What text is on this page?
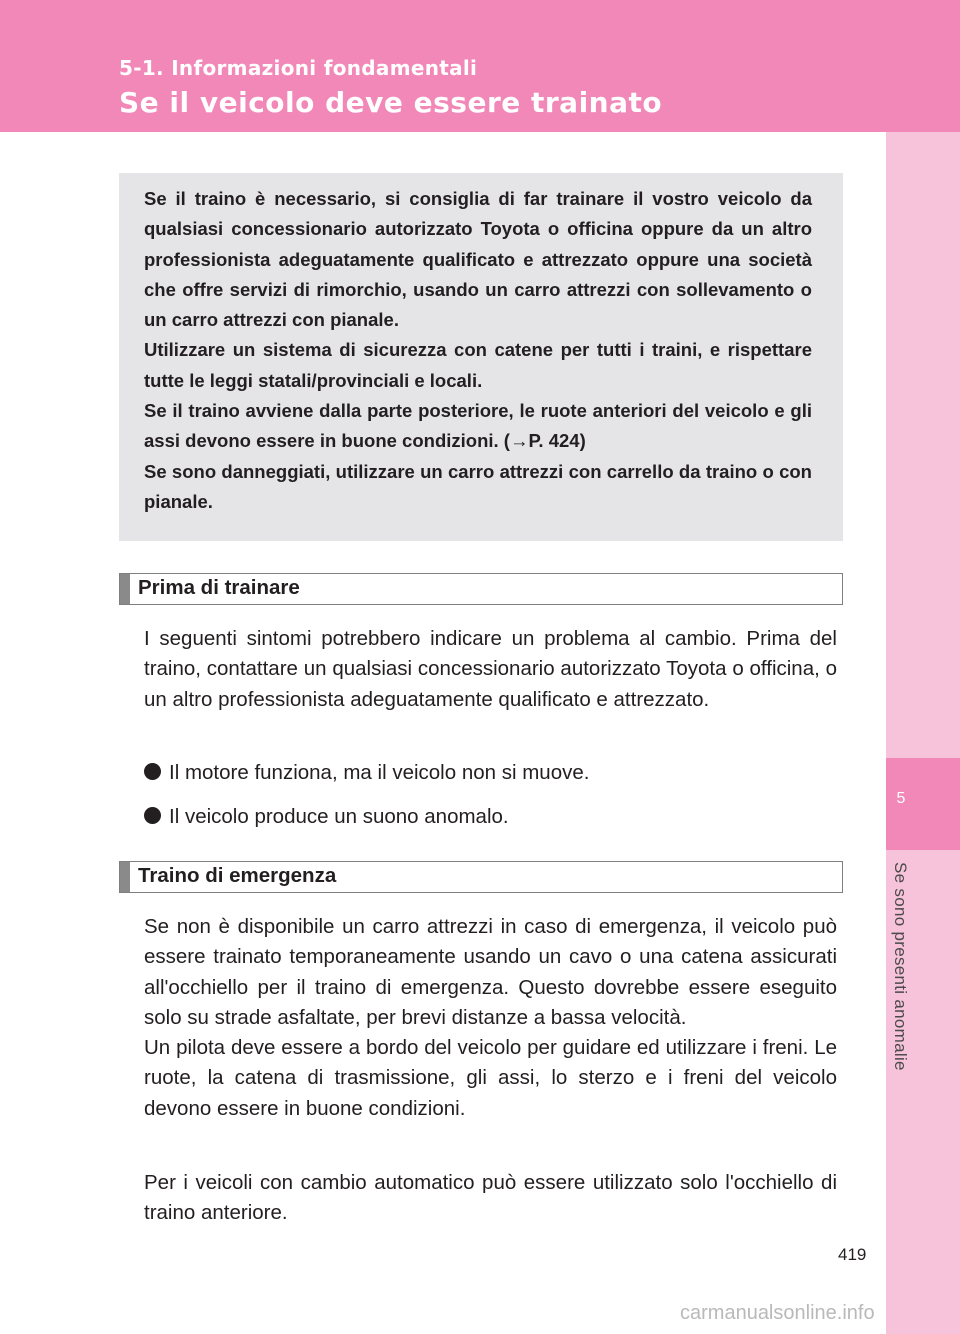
5-1. Informazioni fondamentali
Se il veicolo deve essere trainato
5
Se sono presenti anomalie

Se il traino è necessario, si consiglia di far trainare il vostro veicolo da qualsiasi concessionario autorizzato Toyota o officina oppure da un altro professionista adeguatamente qualificato e attrezzato oppure una società che offre servizi di rimorchio, usando un carro attrezzi con sollevamento o un carro attrezzi con pianale.

Utilizzare un sistema di sicurezza con catene per tutti i traini, e rispettare tutte le leggi statali/provinciali e locali.

Se il traino avviene dalla parte posteriore, le ruote anteriori del veicolo e gli assi devono essere in buone condizioni. (→P. 424)

Se sono danneggiati, utilizzare un carro attrezzi con carrello da traino o con pianale.

Prima di trainare
I seguenti sintomi potrebbero indicare un problema al cambio. Prima del traino, contattare un qualsiasi concessionario autorizzato Toyota o officina, o un altro professionista adeguatamente qualificato e attrezzato.
Il motore funziona, ma il veicolo non si muove.
Il veicolo produce un suono anomalo.
Traino di emergenza
Se non è disponibile un carro attrezzi in caso di emergenza, il veicolo può essere trainato temporaneamente usando un cavo o una catena assicurati all'occhiello per il traino di emergenza. Questo dovrebbe essere eseguito solo su strade asfaltate, per brevi distanze a bassa velocità.
Un pilota deve essere a bordo del veicolo per guidare ed utilizzare i freni. Le ruote, la catena di trasmissione, gli assi, lo sterzo e i freni del veicolo devono essere in buone condizioni.
Per i veicoli con cambio automatico può essere utilizzato solo l'occhiello di traino anteriore.
419
carmanualsonline.info
